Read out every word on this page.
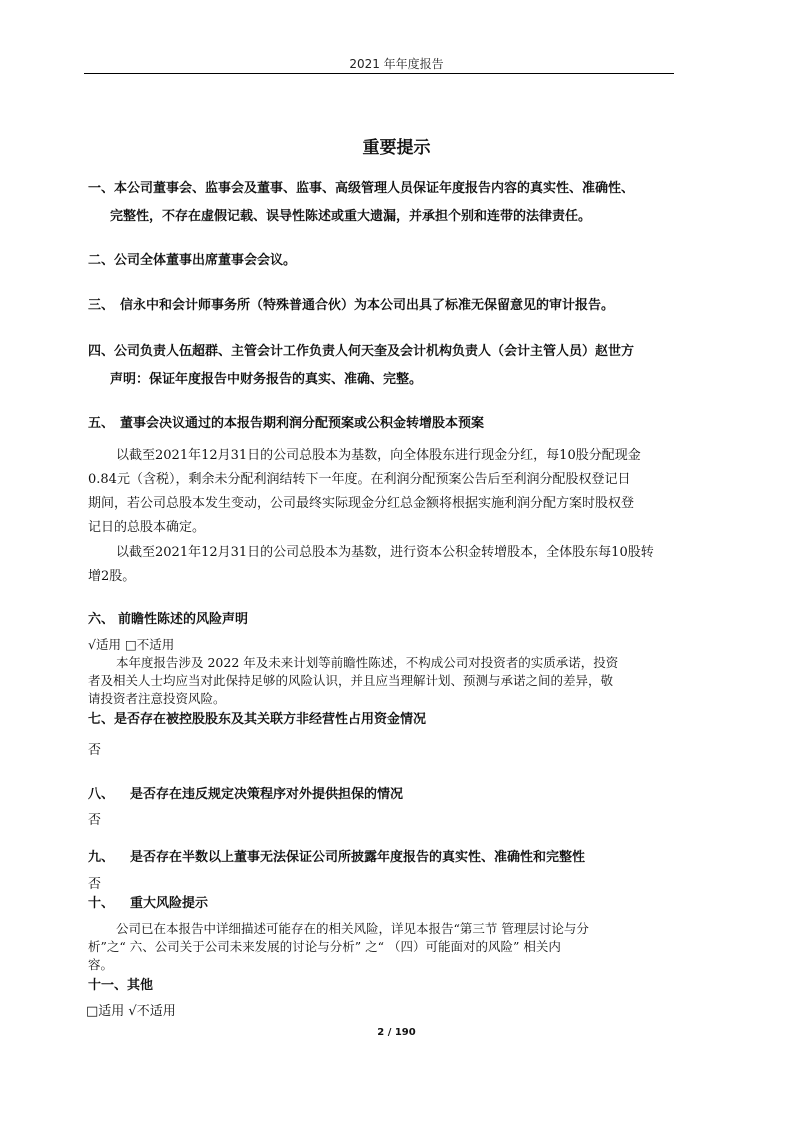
2021 年年度报告
重要提示
一、本公司董事会、监事会及董事、监事、高级管理人员保证年度报告内容的真实性、准确性、
完整性，不存在虚假记载、误导性陈述或重大遗漏，并承担个别和连带的法律责任。
二、公司全体董事出席董事会会议。
三、 信永中和会计师事务所（特殊普通合伙）为本公司出具了标准无保留意见的审计报告。
四、公司负责人伍超群、主管会计工作负责人何天奎及会计机构负责人（会计主管人员）赵世方
声明：保证年度报告中财务报告的真实、准确、完整。
五、 董事会决议通过的本报告期利润分配预案或公积金转增股本预案
以截至2021年12月31日的公司总股本为基数，向全体股东进行现金分红，每10股分配现金
0.84元（含税），剩余未分配利润结转下一年度。在利润分配预案公告后至利润分配股权登记日
期间，若公司总股本发生变动，公司最终实际现金分红总金额将根据实施利润分配方案时股权登
记日的总股本确定。
以截至2021年12月31日的公司总股本为基数，进行资本公积金转增股本，全体股东每10股转
增2股。
六、 前瞻性陈述的风险声明
√适用 □不适用
本年度报告涉及 2022 年及未来计划等前瞻性陈述，不构成公司对投资者的实质承诺，投资
者及相关人士均应当对此保持足够的风险认识，并且应当理解计划、预测与承诺之间的差异，敬
请投资者注意投资风险。
七、是否存在被控股股东及其关联方非经营性占用资金情况
否
八、 是否存在违反规定决策程序对外提供担保的情况
否
九、 是否存在半数以上董事无法保证公司所披露年度报告的真实性、准确性和完整性
否
十、 重大风险提示
公司已在本报告中详细描述可能存在的相关风险，详见本报告“第三节 管理层讨论与分
析”之“ 六、公司关于公司未来发展的讨论与分析” 之“ （四）可能面对的风险” 相关内
容。
十一、其他
□适用 √不适用
2 / 190
